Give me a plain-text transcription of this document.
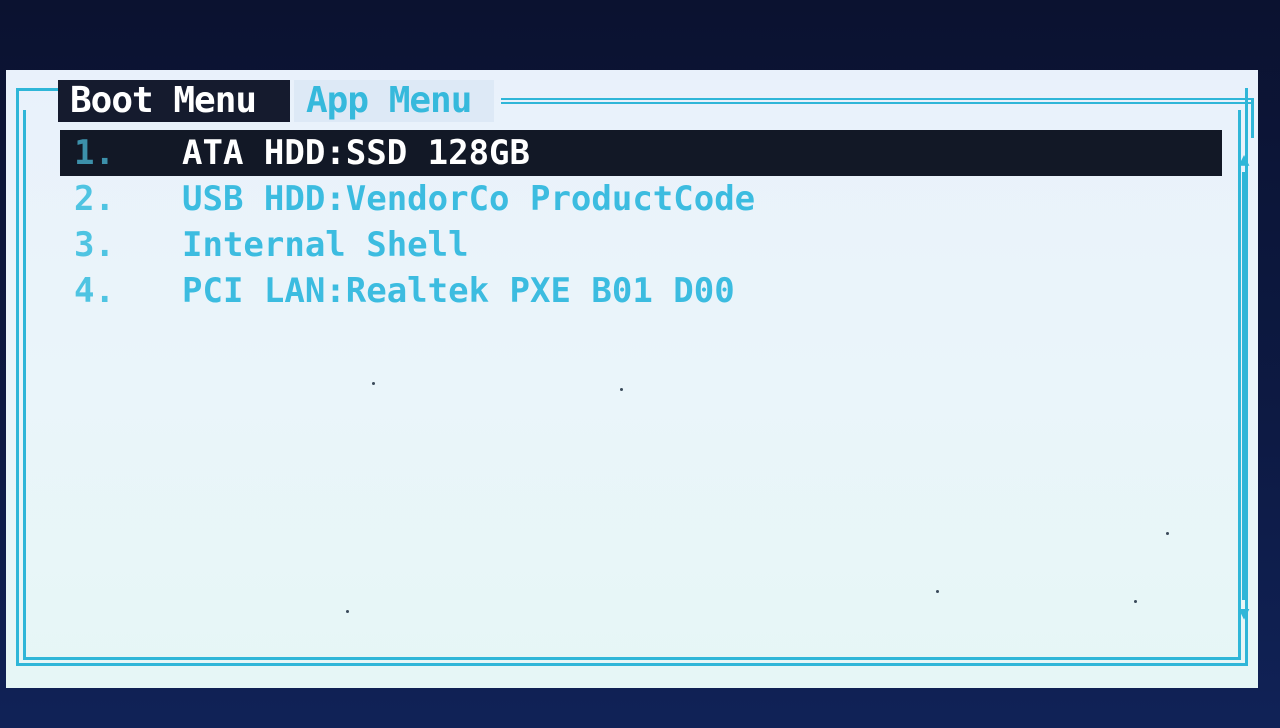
Boot Menu	App Menu
1. ATA HDD:SSD 128GB
2. USB HDD:VendorCo ProductCode
3. Internal Shell
4. PCI LAN:Realtek PXE B01 D00
▲
▼
